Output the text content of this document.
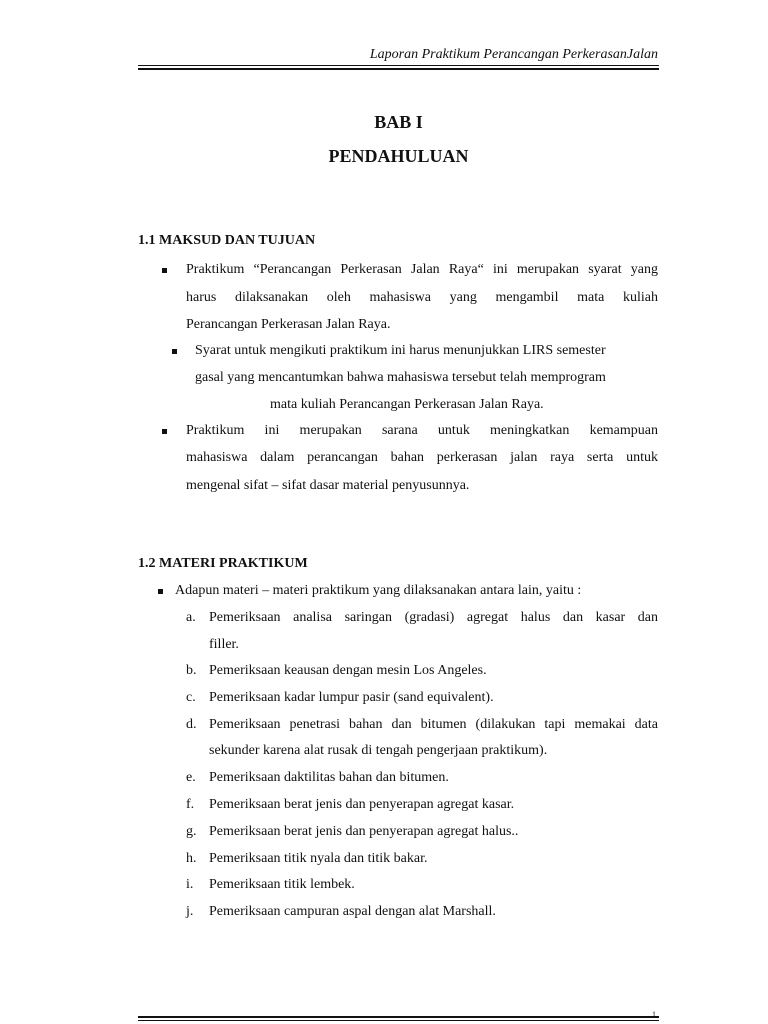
Laporan Praktikum Perancangan PerkerasanJalan
BAB I
PENDAHULUAN
1.1 MAKSUD DAN TUJUAN
Praktikum “Perancangan Perkerasan Jalan Raya“ ini merupakan syarat yang
harus dilaksanakan oleh mahasiswa yang mengambil mata kuliah
Perancangan Perkerasan Jalan Raya.
Syarat untuk mengikuti praktikum ini harus menunjukkan LIRS semester
gasal yang mencantumkan bahwa mahasiswa tersebut telah memprogram
mata kuliah Perancangan Perkerasan Jalan Raya.
Praktikum ini merupakan sarana untuk meningkatkan kemampuan
mahasiswa dalam perancangan bahan perkerasan jalan raya serta untuk
mengenal sifat – sifat dasar material penyusunnya.
1.2 MATERI PRAKTIKUM
Adapun materi – materi praktikum yang dilaksanakan antara lain, yaitu :
a. Pemeriksaan analisa saringan (gradasi) agregat halus dan kasar dan
filler.
b. Pemeriksaan keausan dengan mesin Los Angeles.
c. Pemeriksaan kadar lumpur pasir (sand equivalent).
d. Pemeriksaan penetrasi bahan dan bitumen (dilakukan tapi memakai data
sekunder karena alat rusak di tengah pengerjaan praktikum).
e. Pemeriksaan daktilitas bahan dan bitumen.
f.	Pemeriksaan berat jenis dan penyerapan agregat kasar.
g. Pemeriksaan berat jenis dan penyerapan agregat halus..
h. Pemeriksaan titik nyala dan titik bakar.
i.	Pemeriksaan titik lembek.
j.	Pemeriksaan campuran aspal dengan alat Marshall.
1
